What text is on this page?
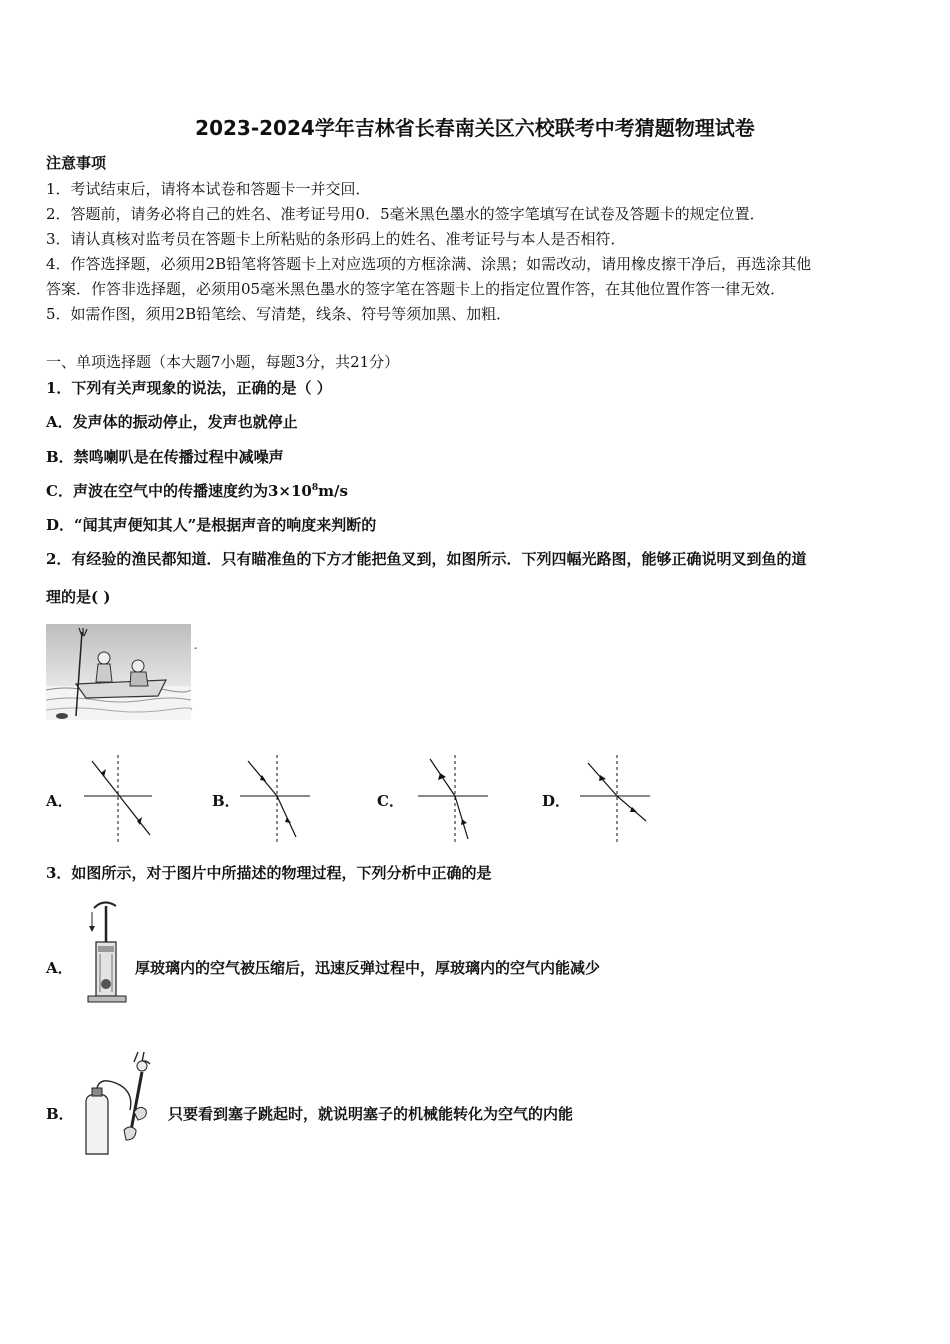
2023-2024学年吉林省长春南关区六校联考中考猜题物理试卷
注意事项
1．考试结束后，请将本试卷和答题卡一并交回．
2．答题前，请务必将自己的姓名、准考证号用0．5毫米黑色墨水的签字笔填写在试卷及答题卡的规定位置．
3．请认真核对监考员在答题卡上所粘贴的条形码上的姓名、准考证号与本人是否相符．
4．作答选择题，必须用2B铅笔将答题卡上对应选项的方框涂满、涂黑；如需改动，请用橡皮擦干净后，再选涂其他
答案．作答非选择题，必须用05毫米黑色墨水的签字笔在答题卡上的指定位置作答，在其他位置作答一律无效．
5．如需作图，须用2B铅笔绘、写清楚，线条、符号等须加黑、加粗．
一、单项选择题（本大题7小题，每题3分，共21分）
1．下列有关声现象的说法，正确的是（ ）
A．发声体的振动停止，发声也就停止
B．禁鸣喇叭是在传播过程中减噪声
C．声波在空气中的传播速度约为$3\times 10^8m/s$
D．“闻其声便知其人”是根据声音的响度来判断的
2．有经验的渔民都知道．只有瞄准鱼的下方才能把鱼叉到，如图所示．下列四幅光路图，能够正确说明叉到鱼的道
理的是( )
-
A．	B．	C．	D．
3．如图所示，对于图片中所描述的物理过程，下列分析中正确的是
A．	厚玻璃内的空气被压缩后，迅速反弹过程中，厚玻璃内的空气内能减少
B．	只要看到塞子跳起时，就说明塞子的机械能转化为空气的内能
